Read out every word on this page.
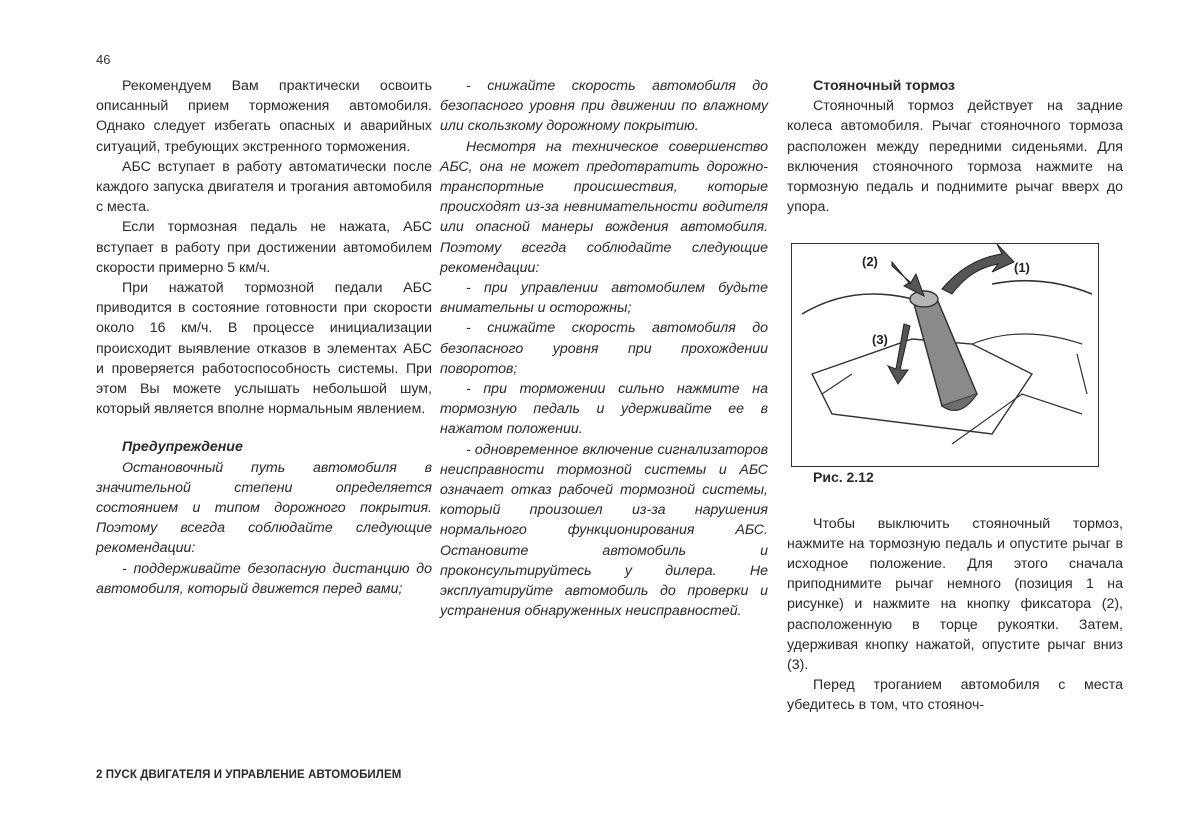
46

Рекомендуем Вам практически освоить описанный прием торможения автомобиля. Однако следует избегать опасных и аварийных ситуаций, требующих экстренного торможения.

АБС вступает в работу автоматически после каждого запуска двигателя и трогания автомобиля с места.

Если тормозная педаль не нажата, АБС вступает в работу при достижении автомобилем скорости примерно 5 км/ч.

При нажатой тормозной педали АБС приводится в состояние готовности при скорости около 16 км/ч. В процессе инициализации происходит выявление отказов в элементах АБС и проверяется работоспособность системы. При этом Вы можете услышать небольшой шум, который является вполне нормальным явлением.

Предупреждение

Остановочный путь автомобиля в значительной степени определяется состоянием и типом дорожного покрытия. Поэтому всегда соблюдайте следующие рекомендации:

- поддерживайте безопасную дистанцию до автомобиля, который движется перед вами;

- снижайте скорость автомобиля до безопасного уровня при движении по влажному или скользкому дорожному покрытию.

Несмотря на техническое совершенство АБС, она не может предотвратить дорожно-транспортные происшествия, которые происходят из-за невнимательности водителя или опасной манеры вождения автомобиля. Поэтому всегда соблюдайте следующие рекомендации:

- при управлении автомобилем будьте внимательны и осторожны;

- снижайте скорость автомобиля до безопасного уровня при прохождении поворотов;

- при торможении сильно нажмите на тормозную педаль и удерживайте ее в нажатом положении.

- одновременное включение сигнализаторов неисправности тормозной системы и АБС означает отказ рабочей тормозной системы, который произошел из-за нарушения нормального функционирования АБС. Остановите автомобиль и проконсультируйтесь у дилера. Не эксплуатируйте автомобиль до проверки и устранения обнаруженных неисправностей.

Стояночный тормоз

Стояночный тормоз действует на задние колеса автомобиля. Рычаг стояночного тормоза расположен между передними сиденьями. Для включения стояночного тормоза нажмите на тормозную педаль и поднимите рычаг вверх до упора.

(2)	(1)
(3)

Рис. 2.12

Чтобы выключить стояночный тормоз, нажмите на тормозную педаль и опустите рычаг в исходное положение. Для этого сначала приподнимите рычаг немного (позиция 1 на рисунке) и нажмите на кнопку фиксатора (2), расположенную в торце рукоятки. Затем, удерживая кнопку нажатой, опустите рычаг вниз (3).

Перед троганием автомобиля с места убедитесь в том, что стояноч-

2 ПУСК ДВИГАТЕЛЯ И УПРАВЛЕНИЕ АВТОМОБИЛЕМ
